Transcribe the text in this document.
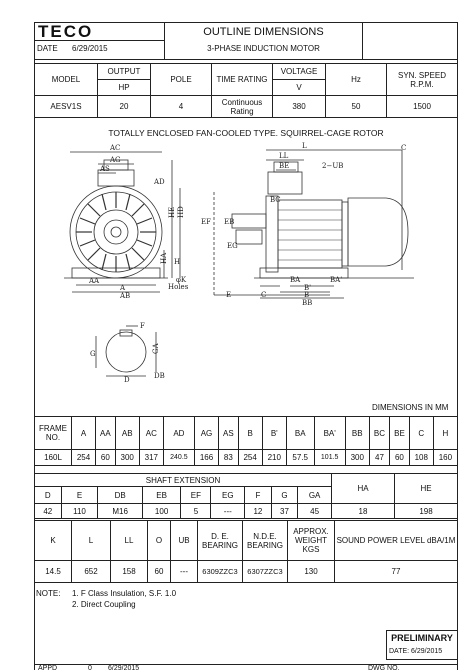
TECO
DATE 6/29/2015
OUTLINE DIMENSIONS
3-PHASE INDUCTION MOTOR
MODEL	OUTPUT	POLE	TIME RATING	VOLTAGE	Hz	SYN. SPEED R.P.M.
	HP			V		
AESV1S	20	4	Continuous Rating	380	50	1500
TOTALLY ENCLOSED FAN-COOLED TYPE. SQUIRREL-CAGE ROTOR
AC
AG
AS
AD
HE HD
H
HA
AA
A
AB
φK
Holes
L
LL
BE	2−UB
C
EF EB
EG
E	C
BC
BA	BA'
B'
B
BB
F
G	GA
D	DB
DIMENSIONS IN MM
FRAME NO.	A	AA	AB	AC	AD	AG	AS	B	B'	BA	BA'	BB	BC	BE	C	H
160L	254	60	300	317	240.5	166	83	254	210	57.5	101.5	300	47	60	108	160
SHAFT EXTENSION									HA	HE
D	E	DB	EB	EF	EG	F	G	GA		
42	110	M16	100	5	---	12	37	45	18	198
K	L	LL	O	UB	D. E. BEARING	N.D.E. BEARING	APPROX. WEIGHT KGS	SOUND POWER LEVEL dBA/1M
14.5	652	158	60	---	6309ZZC3	6307ZZC3	130	77
NOTE: 1. F Class Insulation, S.F. 1.0
2. Direct Coupling
PRELIMINARY
DATE: 6/29/2015
APPD	0 6/29/2015	DWG NO.
